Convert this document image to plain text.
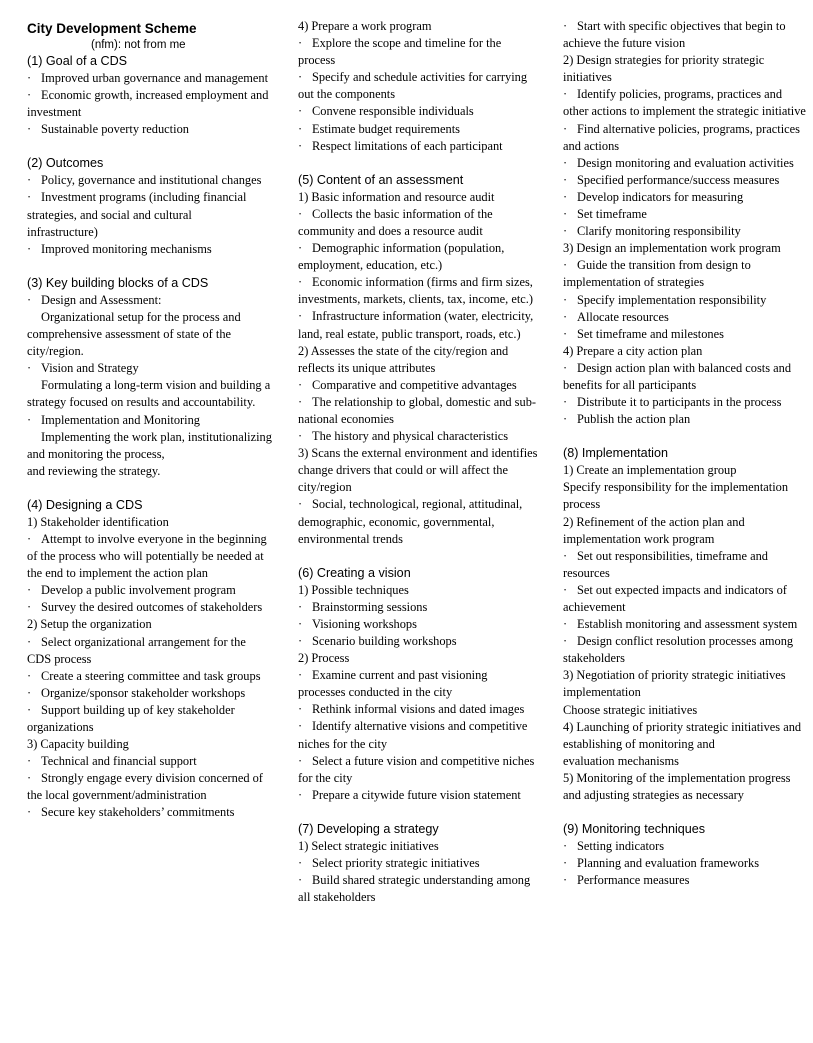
City Development Scheme
(nfm): not from me
(1) Goal of a CDS
· Improved urban governance and management
· Economic growth, increased employment and investment
· Sustainable poverty reduction
(2) Outcomes
· Policy, governance and institutional changes
· Investment programs (including financial strategies, and social and cultural
infrastructure)
· Improved monitoring mechanisms
(3) Key building blocks of a CDS
· Design and Assessment:
Organizational setup for the process and comprehensive assessment of state of the city/region.
· Vision and Strategy
Formulating a long-term vision and building a strategy focused on results and accountability.
· Implementation and Monitoring
Implementing the work plan, institutionalizing and monitoring the process,
and reviewing the strategy.
(4) Designing a CDS
1) Stakeholder identification
· Attempt to involve everyone in the beginning of the process who will potentially be needed at the end to implement the action plan
· Develop a public involvement program
· Survey the desired outcomes of stakeholders
2) Setup the organization
· Select organizational arrangement for the CDS process
· Create a steering committee and task groups
· Organize/sponsor stakeholder workshops
· Support building up of key stakeholder organizations
3) Capacity building
· Technical and financial support
· Strongly engage every division concerned of the local government/administration
· Secure key stakeholders’ commitments
4) Prepare a work program
· Explore the scope and timeline for the process
· Specify and schedule activities for carrying out the components
· Convene responsible individuals
· Estimate budget requirements
· Respect limitations of each participant
(5) Content of an assessment
1) Basic information and resource audit
· Collects the basic information of the community and does a resource audit
· Demographic information (population, employment, education, etc.)
· Economic information (firms and firm sizes, investments, markets, clients, tax, income, etc.)
· Infrastructure information (water, electricity, land, real estate, public transport, roads, etc.)
2) Assesses the state of the city/region and reflects its unique attributes
· Comparative and competitive advantages
· The relationship to global, domestic and sub-national economies
· The history and physical characteristics
3) Scans the external environment and identifies change drivers that could or will affect the city/region
· Social, technological, regional, attitudinal, demographic, economic, governmental, environmental trends
(6) Creating a vision
1) Possible techniques
· Brainstorming sessions
· Visioning workshops
· Scenario building workshops
2) Process
· Examine current and past visioning processes conducted in the city
· Rethink informal visions and dated images
· Identify alternative visions and competitive niches for the city
· Select a future vision and competitive niches for the city
· Prepare a citywide future vision statement
(7) Developing a strategy
1) Select strategic initiatives
· Select priority strategic initiatives
· Build shared strategic understanding among all stakeholders
· Start with specific objectives that begin to achieve the future vision
2) Design strategies for priority strategic initiatives
· Identify policies, programs, practices and other actions to implement the strategic initiative
· Find alternative policies, programs, practices and actions
· Design monitoring and evaluation activities
· Specified performance/success measures
· Develop indicators for measuring
· Set timeframe
· Clarify monitoring responsibility
3) Design an implementation work program
· Guide the transition from design to implementation of strategies
· Specify implementation responsibility
· Allocate resources
· Set timeframe and milestones
4) Prepare a city action plan
· Design action plan with balanced costs and benefits for all participants
· Distribute it to participants in the process
· Publish the action plan
(8) Implementation
1) Create an implementation group
Specify responsibility for the implementation process
2) Refinement of the action plan and implementation work program
· Set out responsibilities, timeframe and resources
· Set out expected impacts and indicators of achievement
· Establish monitoring and assessment system
· Design conflict resolution processes among stakeholders
3) Negotiation of priority strategic initiatives implementation
Choose strategic initiatives
4) Launching of priority strategic initiatives and establishing of monitoring and
evaluation mechanisms
5) Monitoring of the implementation progress and adjusting strategies as necessary
(9) Monitoring techniques
· Setting indicators
· Planning and evaluation frameworks
· Performance measures
